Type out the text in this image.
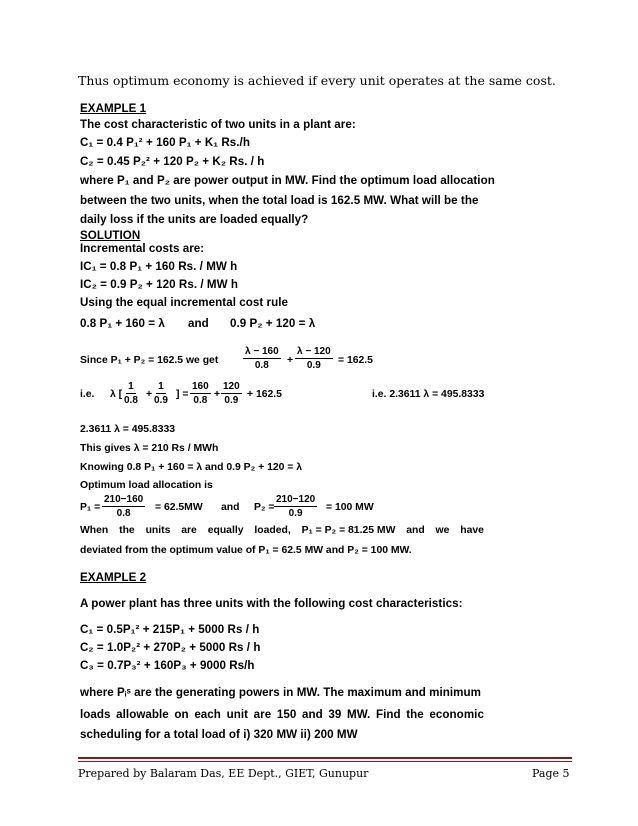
Thus optimum economy is achieved if every unit operates at the same cost.
EXAMPLE 1
The cost characteristic of two units in a plant are:
C₁ = 0.4 P₁² + 160 P₁ + K₁ Rs./h
C₂ = 0.45 P₂² + 120 P₂ + K₂ Rs. / h
where P₁ and P₂ are power output in MW. Find the optimum load allocation
between the two units, when the total load is 162.5 MW. What will be the
daily loss if the units are loaded equally?
SOLUTION
Incremental costs are:
IC₁ = 0.8 P₁ + 160 Rs. / MW h
IC₂ = 0.9 P₂ + 120 Rs. / MW h
Using the equal incremental cost rule
0.8 P₁ + 160 = λ and 0.9 P₂ + 120 = λ
Since P₁ + P₂ = 162.5 we get $\frac{\lambda - 160}{0.8} + \frac{\lambda - 120}{0.9} = 162.5$
i.e. λ [ $\frac{1}{0.8} + \frac{1}{0.9}$ ] = $\frac{160}{0.8} + \frac{120}{0.9} + 162.5$	i.e. 2.3611 λ = 495.8333
2.3611 λ = 495.8333
This gives λ = 210 Rs / MWh
Knowing 0.8 P₁ + 160 = λ and 0.9 P₂ + 120 = λ
Optimum load allocation is
$P_1 = \frac{210-160}{0.8} = 62.5MW$ and $P_2 = \frac{210-120}{0.9} = 100$ MW
When the units are equally loaded, P₁ = P₂ = 81.25 MW and we have
deviated from the optimum value of P₁ = 62.5 MW and P₂ = 100 MW.
EXAMPLE 2
A power plant has three units with the following cost characteristics:
C₁ = 0.5P₁² + 215P₁ + 5000 Rs / h
C₂ = 1.0P₂² + 270P₂ + 5000 Rs / h
C₃ = 0.7P₃² + 160P₃ + 9000 Rs/h
where Pᵢˢ are the generating powers in MW. The maximum and minimum
loads allowable on each unit are 150 and 39 MW. Find the economic
scheduling for a total load of i) 320 MW ii) 200 MW
Prepared by Balaram Das, EE Dept., GIET, Gunupur	Page 5
